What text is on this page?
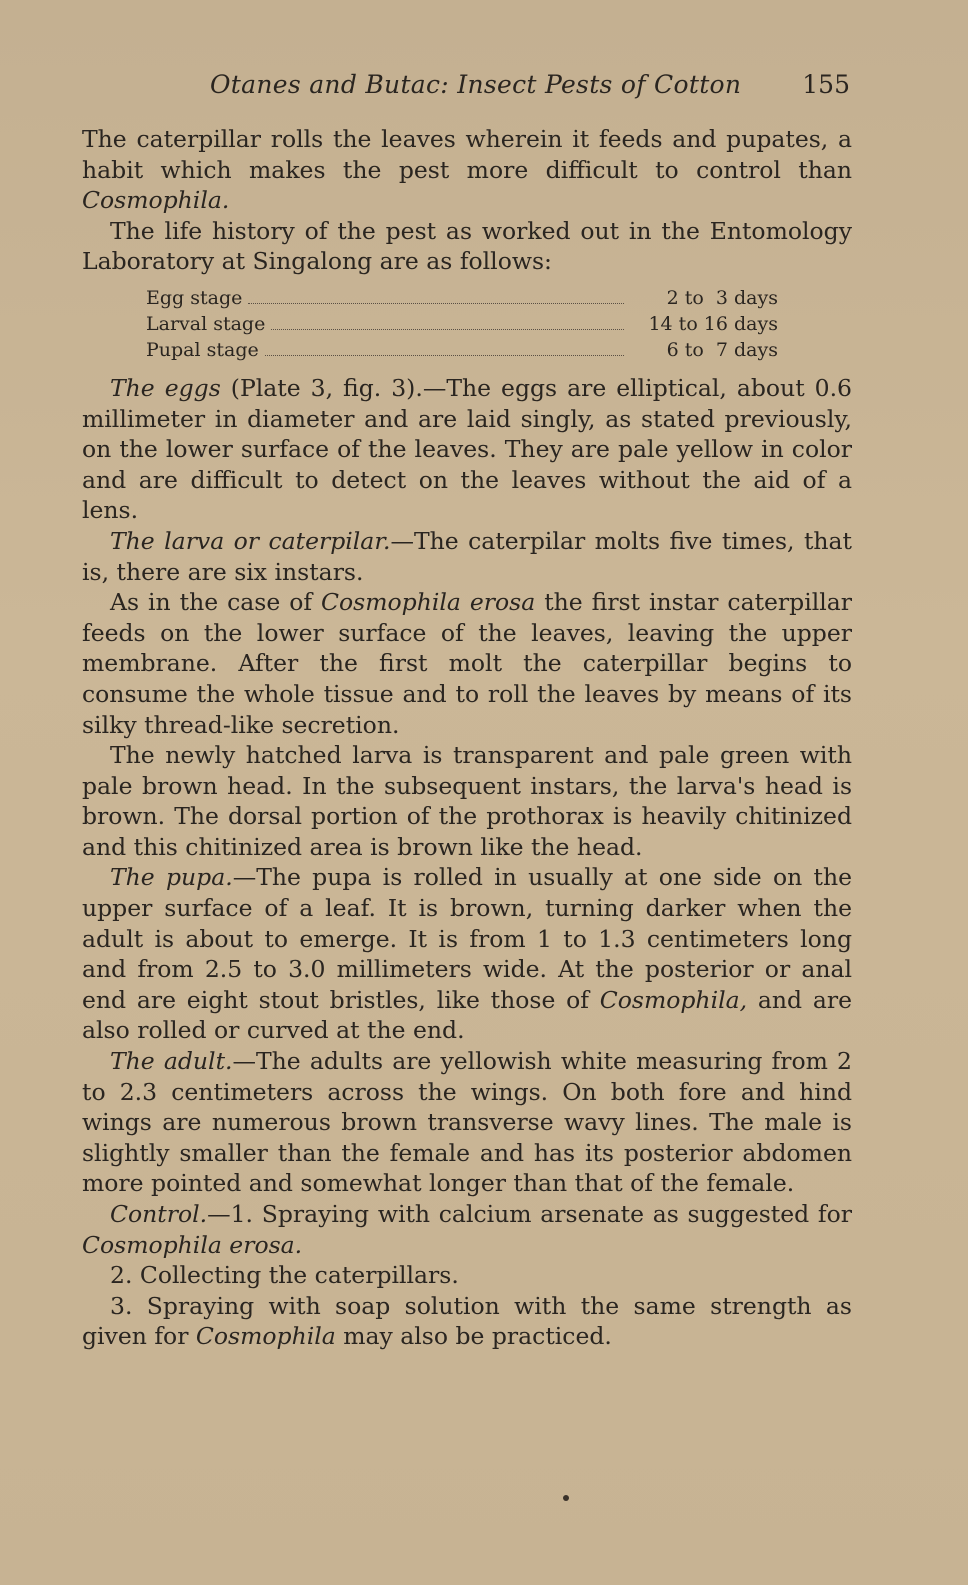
Otanes and Butac: Insect Pests of Cotton 155

The caterpillar rolls the leaves wherein it feeds and pupates, a habit which makes the pest more difficult to control than Cosmophila.

The life history of the pest as worked out in the Entomology Laboratory at Singalong are as follows:

Egg stage	2 to  3 days
Larval stage	14 to 16 days
Pupal stage	6 to  7 days

The eggs (Plate 3, fig. 3).—The eggs are elliptical, about 0.6 millimeter in diameter and are laid singly, as stated previously, on the lower surface of the leaves. They are pale yellow in color and are difficult to detect on the leaves without the aid of a lens.

The larva or caterpilar.—The caterpilar molts five times, that is, there are six instars.

As in the case of Cosmophila erosa the first instar caterpillar feeds on the lower surface of the leaves, leaving the upper membrane. After the first molt the caterpillar begins to consume the whole tissue and to roll the leaves by means of its silky thread-like secretion.

The newly hatched larva is transparent and pale green with pale brown head. In the subsequent instars, the larva's head is brown. The dorsal portion of the prothorax is heavily chitinized and this chitinized area is brown like the head.

The pupa.—The pupa is rolled in usually at one side on the upper surface of a leaf. It is brown, turning darker when the adult is about to emerge. It is from 1 to 1.3 centimeters long and from 2.5 to 3.0 millimeters wide. At the posterior or anal end are eight stout bristles, like those of Cosmophila, and are also rolled or curved at the end.

The adult.—The adults are yellowish white measuring from 2 to 2.3 centimeters across the wings. On both fore and hind wings are numerous brown transverse wavy lines. The male is slightly smaller than the female and has its posterior abdomen more pointed and somewhat longer than that of the female.

Control.—1. Spraying with calcium arsenate as suggested for Cosmophila erosa.

2. Collecting the caterpillars.

3. Spraying with soap solution with the same strength as given for Cosmophila may also be practiced.
